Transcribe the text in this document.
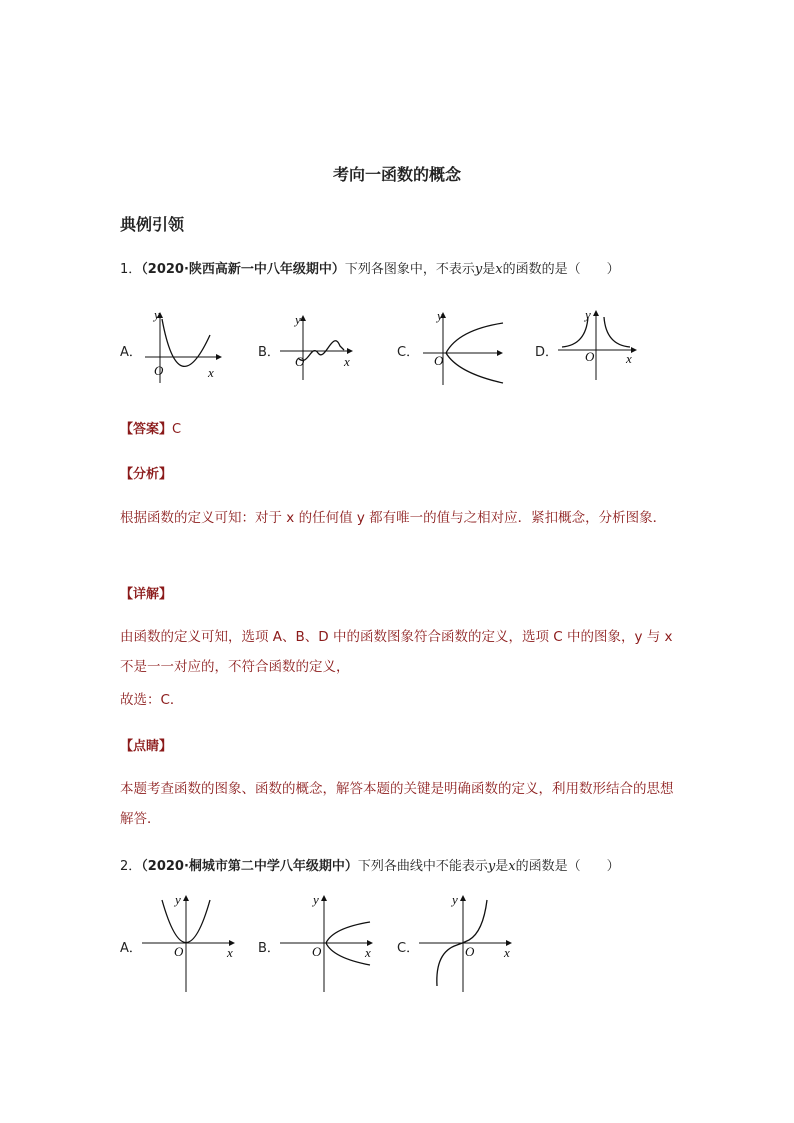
考向一函数的概念
典例引领

1．（2020·陕西高新一中八年级期中）下列各图象中，不表示y是x的函数的是（　　）

A．	B．	C．	D．
O	x
y
O	x
y
O
y
O x
y

【答案】C

【分析】

根据函数的定义可知：对于 x 的任何值 y 都有唯一的值与之相对应．紧扣概念，分析图象．

【详解】

由函数的定义可知，选项 A、B、D 中的函数图象符合函数的定义，选项 C 中的图象，y 与 x 不是一一对应的，不符合函数的定义，

故选：C．

【点睛】

本题考查函数的图象、函数的概念，解答本题的关键是明确函数的定义，利用数形结合的思想解答．

2．（2020·桐城市第二中学八年级期中）下列各曲线中不能表示y是x的函数是（　　）

A．	B．	C．
O	x
y
O	x
y
O x
y
